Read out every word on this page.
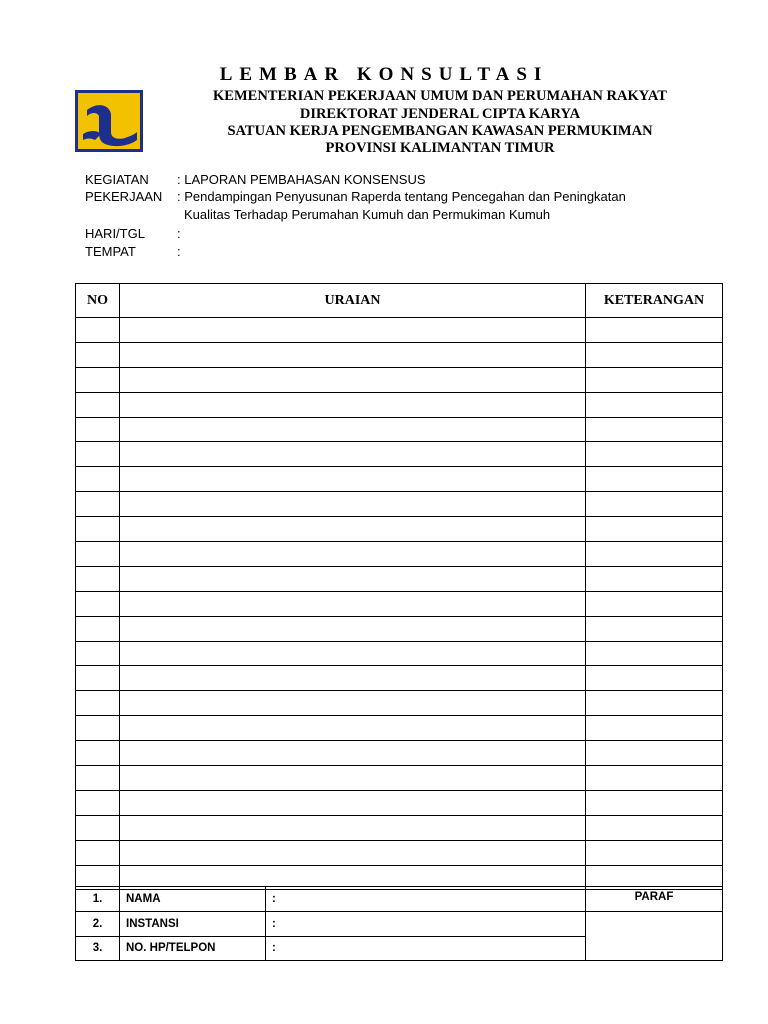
LEMBAR KONSULTASI
KEMENTERIAN PEKERJAAN UMUM DAN PERUMAHAN RAKYAT
DIREKTORAT JENDERAL CIPTA KARYA
SATUAN KERJA PENGEMBANGAN KAWASAN PERMUKIMAN
PROVINSI KALIMANTAN TIMUR
KEGIATAN : LAPORAN PEMBAHASAN KONSENSUS
PEKERJAAN : Pendampingan Penyusunan Raperda tentang Pencegahan dan Peningkatan
Kualitas Terhadap Perumahan Kumuh dan Permukiman Kumuh
HARI/TGL :
TEMPAT	:
NO	URAIAN	KETERANGAN

1.	NAMA	:	PARAF
2.	INSTANSI	:	
3.	NO. HP/TELPON	:	
